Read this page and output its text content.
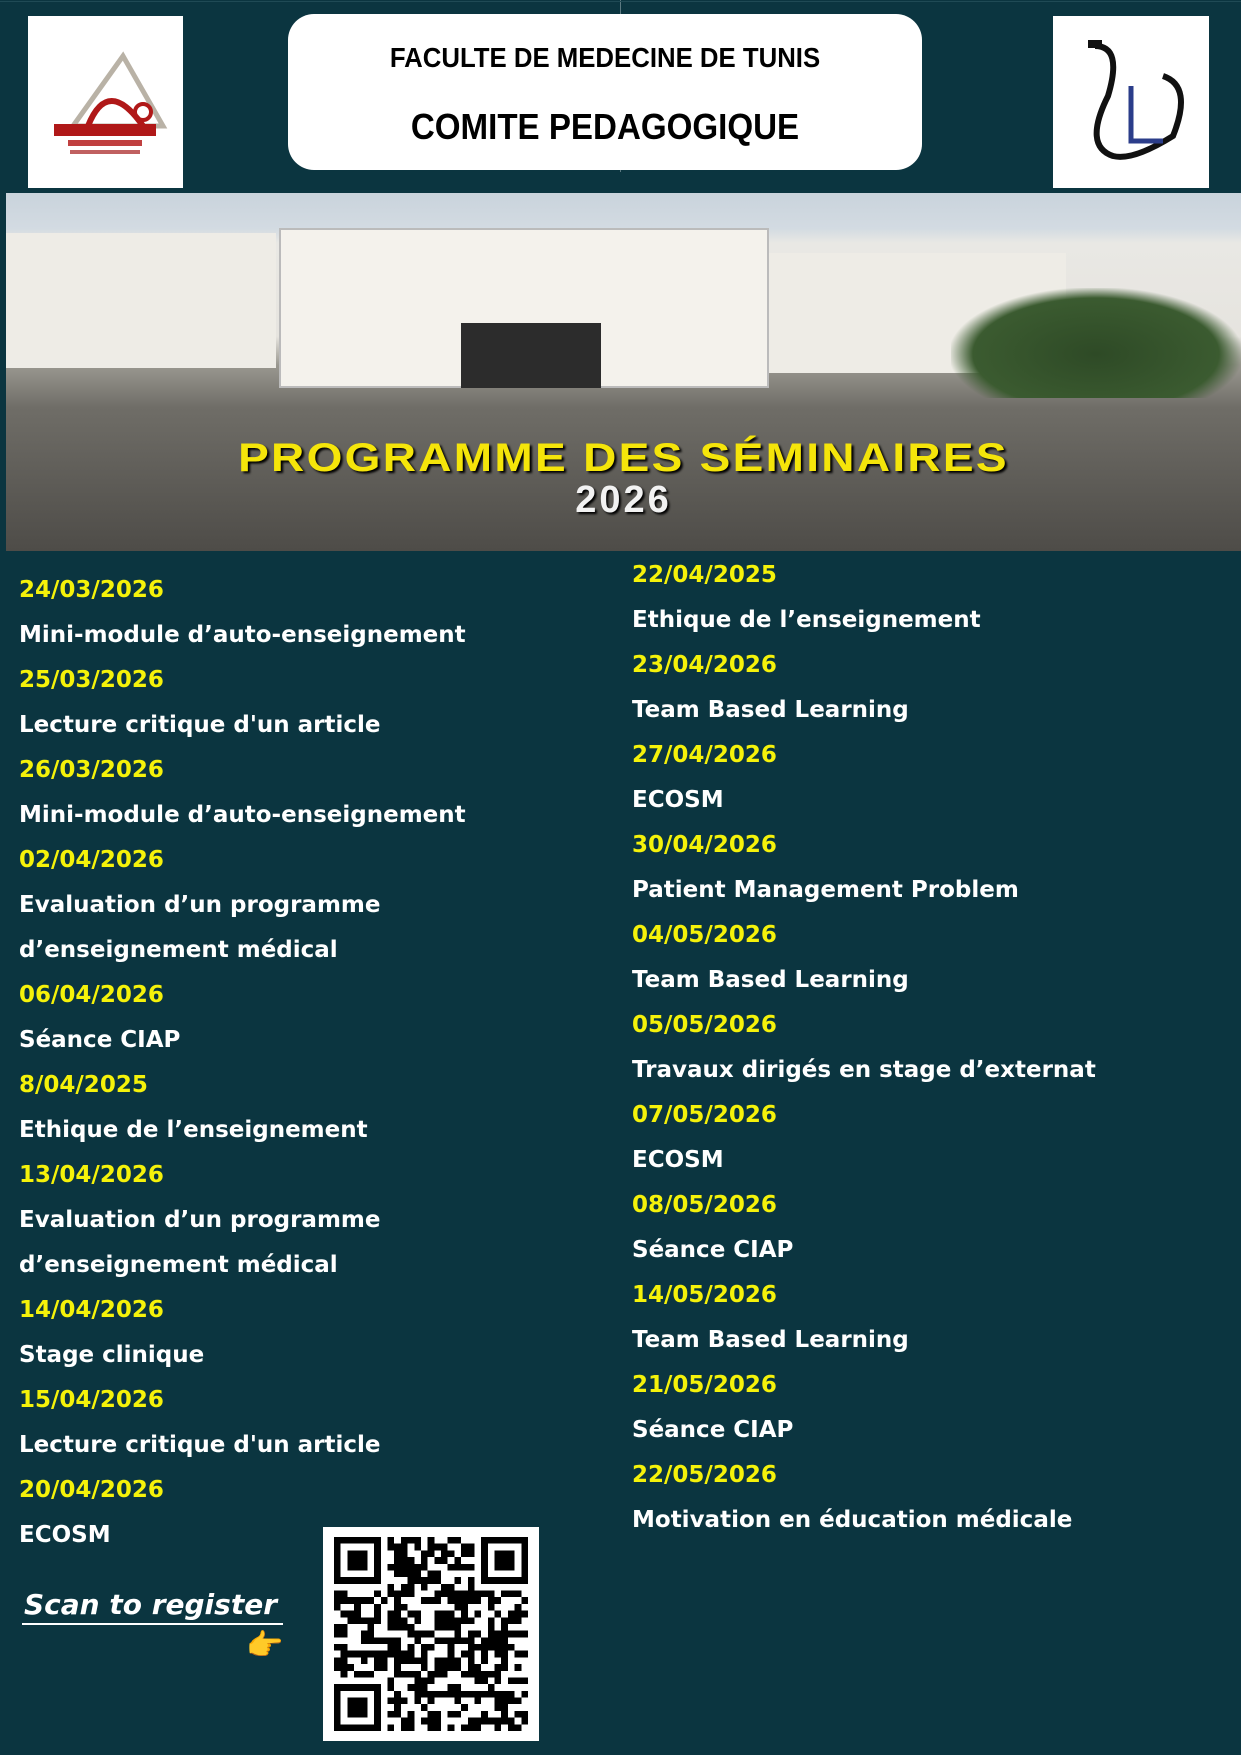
FACULTE DE MEDECINE DE TUNIS
COMITE PEDAGOGIQUE
PROGRAMME DES SÉMINAIRES
2026
24/03/2026
Mini-module d’auto-enseignement
25/03/2026
Lecture critique d'un article
26/03/2026
Mini-module d’auto-enseignement
02/04/2026
Evaluation d’un programme
d’enseignement médical
06/04/2026
Séance CIAP
8/04/2025
Ethique de l’enseignement
13/04/2026
Evaluation d’un programme
d’enseignement médical
14/04/2026
Stage clinique
15/04/2026
Lecture critique d'un article
20/04/2026
ECOSM
22/04/2025
Ethique de l’enseignement
23/04/2026
Team Based Learning
27/04/2026
ECOSM
30/04/2026
Patient Management Problem
04/05/2026
Team Based Learning
05/05/2026
Travaux dirigés en stage d’externat
07/05/2026
ECOSM
08/05/2026
Séance CIAP
14/05/2026
Team Based Learning
21/05/2026
Séance CIAP
22/05/2026
Motivation en éducation médicale
Scan to register
👉
